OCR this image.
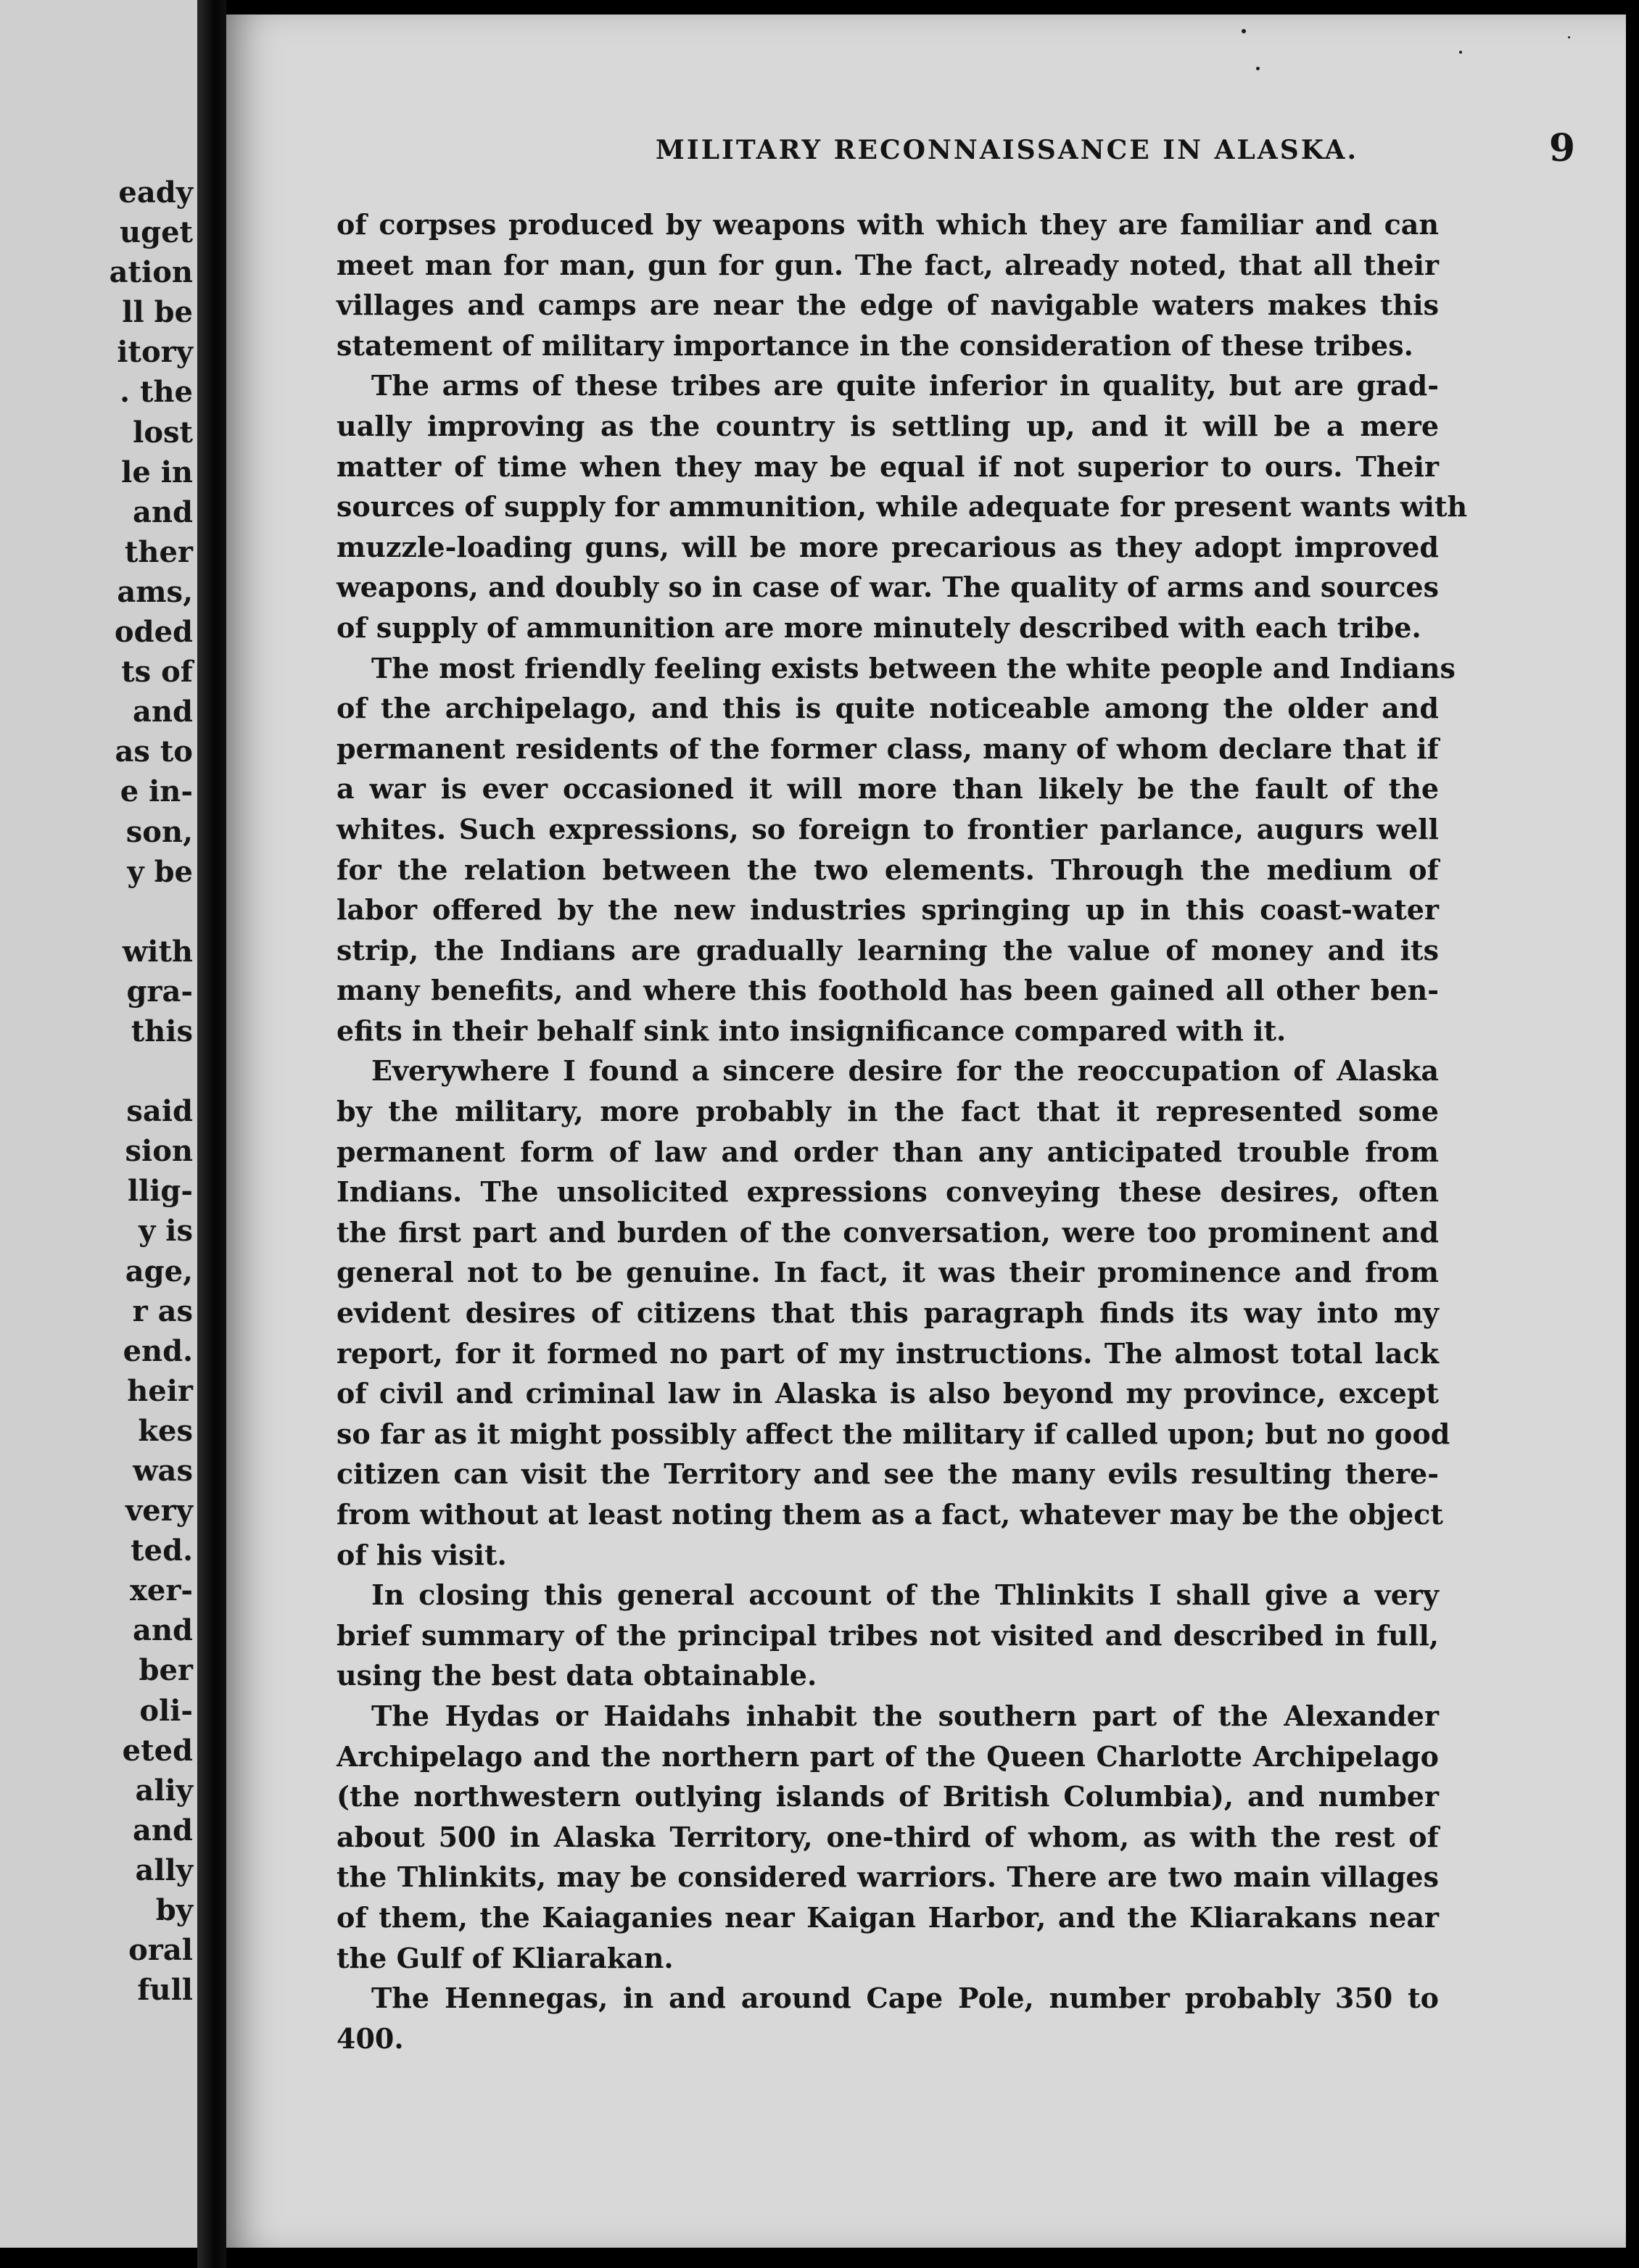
eady
uget
ation
ll be
itory
. the
lost
le in
and
ther
ams,
oded
ts of
and
as to
e in-
son,
y be
with
gra-
this
said
sion
llig-
y is
age,
r as
end.
heir
kes
was
very
ted.
xer-
and
ber
oli-
eted
aliy
and
ally
by
oral
full
MILITARY RECONNAISSANCE IN ALASKA.	9
of corpses produced by weapons with which they are familiar and can
meet man for man, gun for gun. The fact, already noted, that all their
villages and camps are near the edge of navigable waters makes this
statement of military importance in the consideration of these tribes.
The arms of these tribes are quite inferior in quality, but are grad-
ually improving as the country is settling up, and it will be a mere
matter of time when they may be equal if not superior to ours. Their
sources of supply for ammunition, while adequate for present wants with
muzzle-loading guns, will be more precarious as they adopt improved
weapons, and doubly so in case of war. The quality of arms and sources
of supply of ammunition are more minutely described with each tribe.
The most friendly feeling exists between the white people and Indians
of the archipelago, and this is quite noticeable among the older and
permanent residents of the former class, many of whom declare that if
a war is ever occasioned it will more than likely be the fault of the
whites. Such expressions, so foreign to frontier parlance, augurs well
for the relation between the two elements. Through the medium of
labor offered by the new industries springing up in this coast-water
strip, the Indians are gradually learning the value of money and its
many benefits, and where this foothold has been gained all other ben-
efits in their behalf sink into insignificance compared with it.
Everywhere I found a sincere desire for the reoccupation of Alaska
by the military, more probably in the fact that it represented some
permanent form of law and order than any anticipated trouble from
Indians. The unsolicited expressions conveying these desires, often
the first part and burden of the conversation, were too prominent and
general not to be genuine. In fact, it was their prominence and from
evident desires of citizens that this paragraph finds its way into my
report, for it formed no part of my instructions. The almost total lack
of civil and criminal law in Alaska is also beyond my province, except
so far as it might possibly affect the military if called upon; but no good
citizen can visit the Territory and see the many evils resulting there-
from without at least noting them as a fact, whatever may be the object
of his visit.
In closing this general account of the Thlinkits I shall give a very
brief summary of the principal tribes not visited and described in full,
using the best data obtainable.
The Hydas or Haidahs inhabit the southern part of the Alexander
Archipelago and the northern part of the Queen Charlotte Archipelago
(the northwestern outlying islands of British Columbia), and number
about 500 in Alaska Territory, one-third of whom, as with the rest of
the Thlinkits, may be considered warriors. There are two main villages
of them, the Kaiaganies near Kaigan Harbor, and the Kliarakans near
the Gulf of Kliarakan.
The Hennegas, in and around Cape Pole, number probably 350 to
400.
